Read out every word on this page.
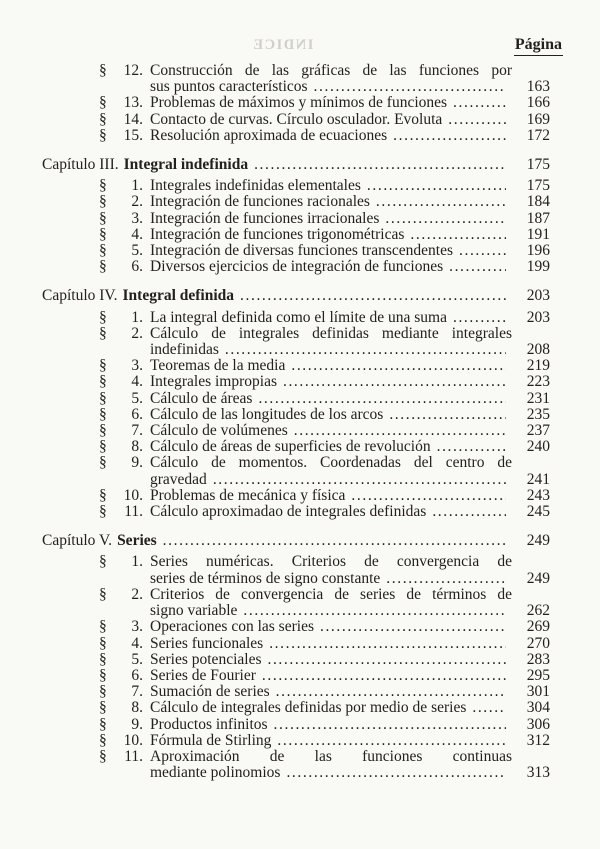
INDICE	Página
§	12. Construcción de las gráficas de las funciones por
sus puntos característicos .....	163
§	13. Problemas de máximos y mínimos de funciones .....	166
§	14. Contacto de curvas. Círculo osculador. Evoluta .....	169
§	15. Resolución aproximada de ecuaciones .....	172
Capítulo III. Integral indefinida .....	175
§	1. Integrales indefinidas elementales .....	175
§	2. Integración de funciones racionales .....	184
§	3. Integración de funciones irracionales .....	187
§	4. Integración de funciones trigonométricas .....	191
§	5. Integración de diversas funciones transcendentes .....	196
§	6. Diversos ejercicios de integración de funciones .....	199
Capítulo IV. Integral definida .....	203
§	1. La integral definida como el límite de una suma .....	203
§	2. Cálculo de integrales definidas mediante integrales
indefinidas .....	208
§	3. Teoremas de la media .....	219
§	4. Integrales impropias .....	223
§	5. Cálculo de áreas .....	231
§	6. Cálculo de las longitudes de los arcos .....	235
§	7. Cálculo de volúmenes .....	237
§	8. Cálculo de áreas de superficies de revolución .....	240
§	9. Cálculo de momentos. Coordenadas del centro de
gravedad .....	241
§	10. Problemas de mecánica y física .....	243
§	11. Cálculo aproximadao de integrales definidas .....	245
Capítulo V. Series .....	249
§	1. Series numéricas. Criterios de convergencia de
series de términos de signo constante .....	249
§	2. Criterios de convergencia de series de términos de
signo variable .....	262
§	3. Operaciones con las series .....	269
§	4. Series funcionales .....	270
§	5. Series potenciales .....	283
§	6. Series de Fourier .....	295
§	7. Sumación de series .....	301
§	8. Cálculo de integrales definidas por medio de series .....	304
§	9. Productos infinitos .....	306
§	10. Fórmula de Stirling .....	312
§	11. Aproximación de las funciones continuas
mediante polinomios .....	313
